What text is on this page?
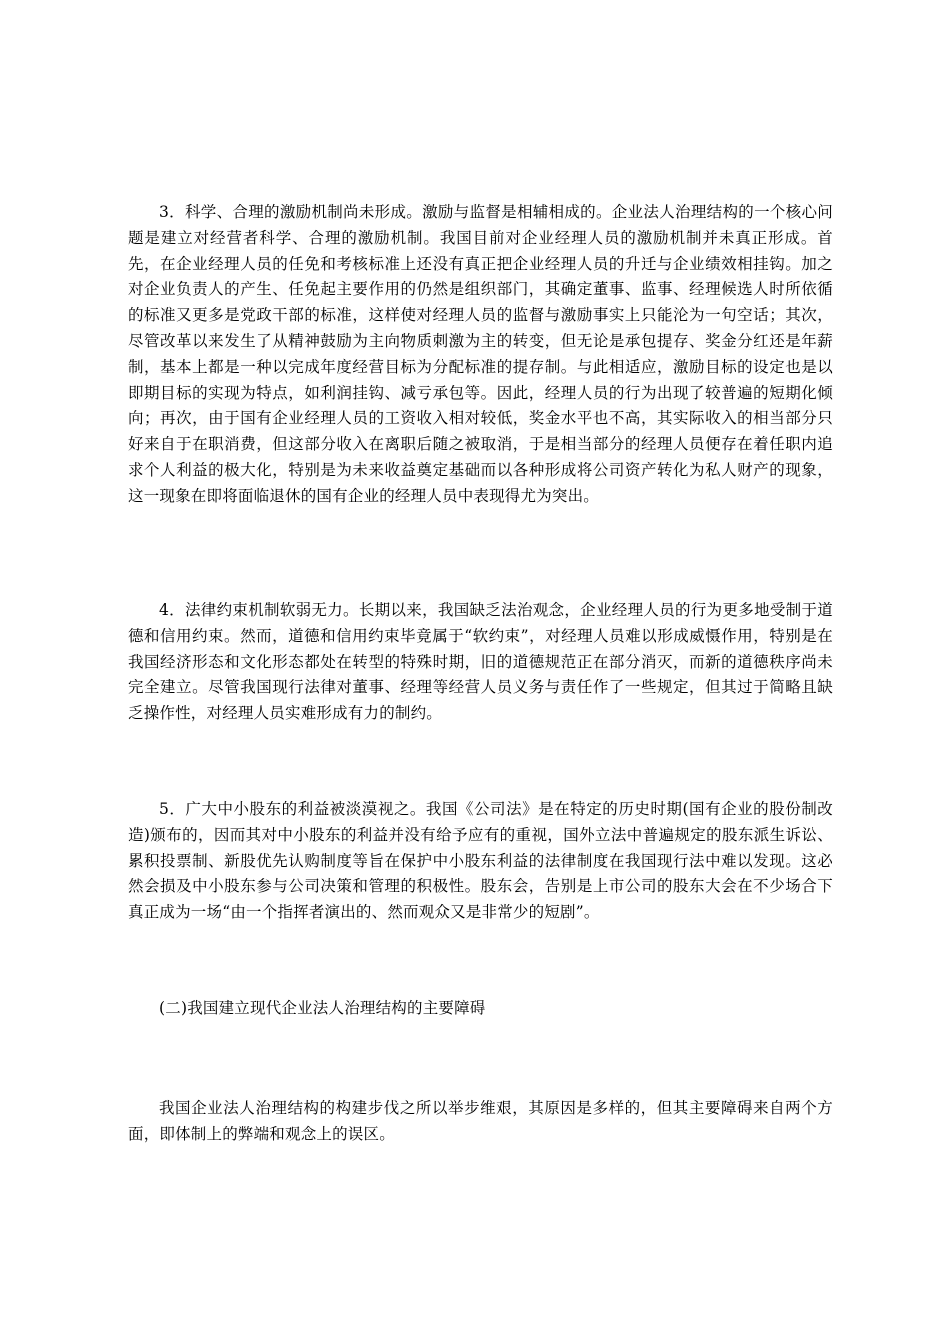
3．科学、合理的激励机制尚未形成。激励与监督是相辅相成的。企业法人治理结构的一个核心问题是建立对经营者科学、合理的激励机制。我国目前对企业经理人员的激励机制并未真正形成。首先，在企业经理人员的任免和考核标准上还没有真正把企业经理人员的升迁与企业绩效相挂钩。加之对企业负责人的产生、任免起主要作用的仍然是组织部门，其确定董事、监事、经理候选人时所依循的标准又更多是党政干部的标准，这样使对经理人员的监督与激励事实上只能沦为一句空话；其次，尽管改革以来发生了从精神鼓励为主向物质刺激为主的转变，但无论是承包提存、奖金分红还是年薪制，基本上都是一种以完成年度经营目标为分配标准的提存制。与此相适应，激励目标的设定也是以即期目标的实现为特点，如利润挂钩、减亏承包等。因此，经理人员的行为出现了较普遍的短期化倾向；再次，由于国有企业经理人员的工资收入相对较低，奖金水平也不高，其实际收入的相当部分只好来自于在职消费，但这部分收入在离职后随之被取消，于是相当部分的经理人员便存在着任职内追求个人利益的极大化，特别是为未来收益奠定基础而以各种形成将公司资产转化为私人财产的现象，这一现象在即将面临退休的国有企业的经理人员中表现得尤为突出。

4．法律约束机制软弱无力。长期以来，我国缺乏法治观念，企业经理人员的行为更多地受制于道德和信用约束。然而，道德和信用约束毕竟属于“软约束”，对经理人员难以形成威慑作用，特别是在我国经济形态和文化形态都处在转型的特殊时期，旧的道德规范正在部分消灭，而新的道德秩序尚未完全建立。尽管我国现行法律对董事、经理等经营人员义务与责任作了一些规定，但其过于简略且缺乏操作性，对经理人员实难形成有力的制约。

5．广大中小股东的利益被淡漠视之。我国《公司法》是在特定的历史时期(国有企业的股份制改造)颁布的，因而其对中小股东的利益并没有给予应有的重视，国外立法中普遍规定的股东派生诉讼、累积投票制、新股优先认购制度等旨在保护中小股东利益的法律制度在我国现行法中难以发现。这必然会损及中小股东参与公司决策和管理的积极性。股东会，告别是上市公司的股东大会在不少场合下真正成为一场“由一个指挥者演出的、然而观众又是非常少的短剧”。

(二)我国建立现代企业法人治理结构的主要障碍

我国企业法人治理结构的构建步伐之所以举步维艰，其原因是多样的，但其主要障碍来自两个方面，即体制上的弊端和观念上的误区。
